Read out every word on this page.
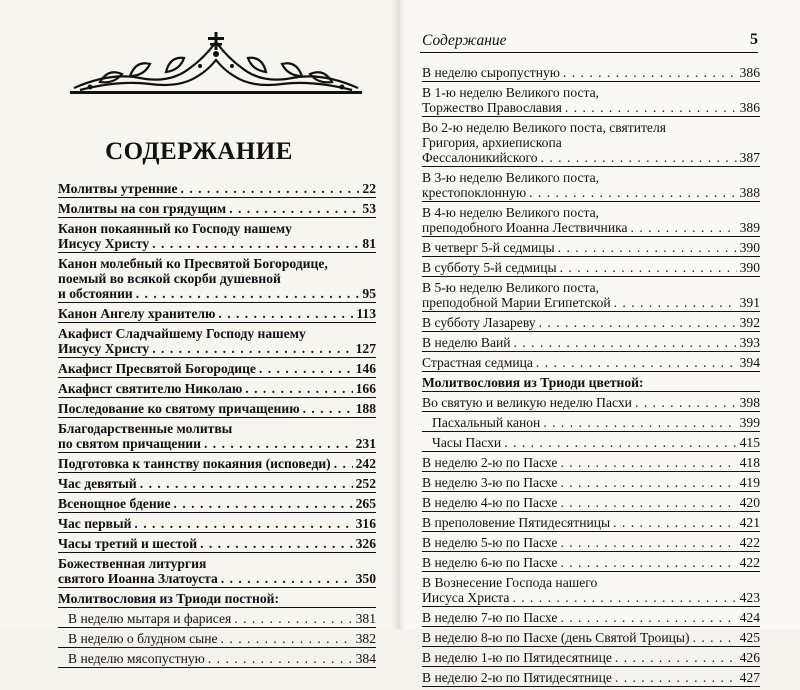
СОДЕРЖАНИЕ
Молитвы утренние . . .	22
Молитвы на сон грядущим . . .	53
Канон покаянный ко Господу нашему
Иисусу Христу . . .	81
Канон молебный ко Пресвятой Богородице,
поемый во всякой скорби душевной
и обстоянии . . .	95
Канон Ангелу хранителю . . .	113
Акафист Сладчайшему Господу нашему
Иисусу Христу . . .	127
Акафист Пресвятой Богородице . . .	146
Акафист святителю Николаю . . .	166
Последование ко святому причащению . . .	188
Благодарственные молитвы
по святом причащении . . .	231
Подготовка к таинству покаяния (исповеди) . . . 242
Час девятый . . .	252
Всенощное бдение . . .	265
Час первый . . .	316
Часы третий и шестой . . .	326
Божественная литургия
святого Иоанна Златоуста . . .	350
Молитвословия из Триоди постной:
В неделю мытаря и фарисея . . .	381
В неделю о блудном сыне . . .	382
В неделю мясопустную . . .	384
Содержание	5
В неделю сыропустную . . .	386
В 1-ю неделю Великого поста,
Торжество Православия . . .	386
Во 2-ю неделю Великого поста, святителя
Григория, архиепископа
Фессалоникийского . . .	387
В 3-ю неделю Великого поста,
крестопоклонную . . .	388
В 4-ю неделю Великого поста,
преподобного Иоанна Лествичника . . .	389
В четверг 5-й седмицы . . .	390
В субботу 5-й седмицы . . .	390
В 5-ю неделю Великого поста,
преподобной Марии Египетской . . .	391
В субботу Лазареву . . .	392
В неделю Ваий . . .	393
Страстная седмица . . .	394
Молитвословия из Триоди цветной:
Во святую и великую неделю Пасхи . . .	398
Пасхальный канон . . .	399
Часы Пасхи . . .	415
В неделю 2-ю по Пасхе . . .	418
В неделю 3-ю по Пасхе . . .	419
В неделю 4-ю по Пасхе . . .	420
В преполовение Пятидесятницы . . .	421
В неделю 5-ю по Пасхе . . .	422
В неделю 6-ю по Пасхе . . .	422
В Вознесение Господа нашего
Иисуса Христа . . .	423
В неделю 7-ю по Пасхе . . .	424
В неделю 8-ю по Пасхе (день Святой Троицы) . . .	425
В неделю 1-ю по Пятидесятнице . . .	426
В неделю 2-ю по Пятидесятнице . . .	427
